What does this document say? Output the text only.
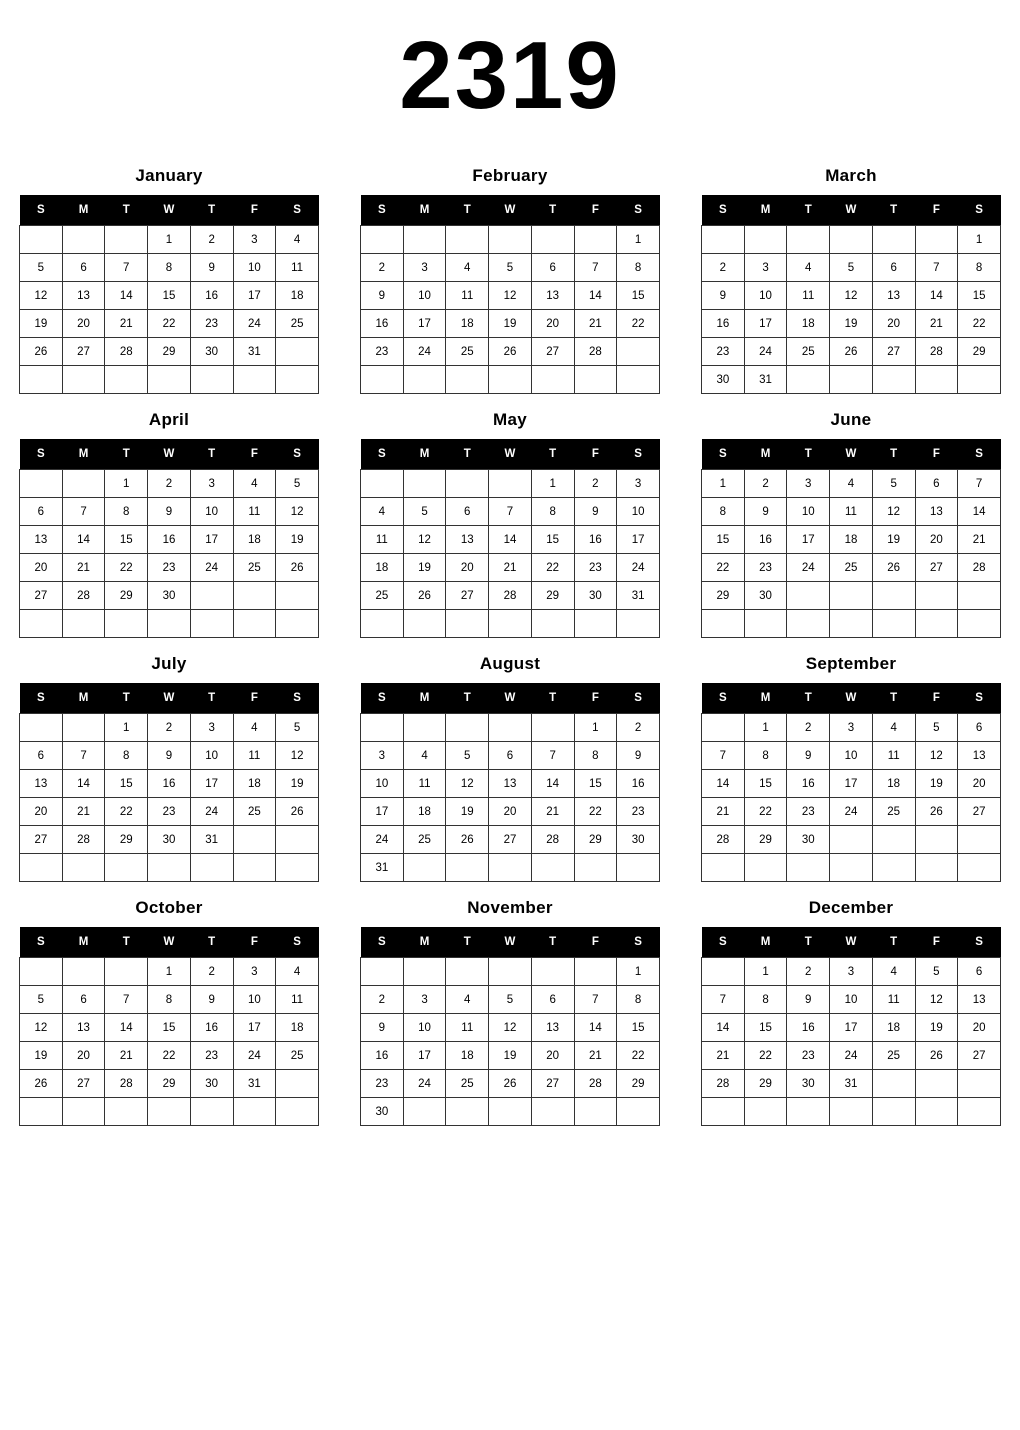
2319
January
S	M	T	W	T	F	S
			1	2	3	4
5	6	7	8	9	10	11
12	13	14	15	16	17	18
19	20	21	22	23	24	25
26	27	28	29	30	31	

February
S	M	T	W	T	F	S
						1
2	3	4	5	6	7	8
9	10	11	12	13	14	15
16	17	18	19	20	21	22
23	24	25	26	27	28	

March
S	M	T	W	T	F	S
						1
2	3	4	5	6	7	8
9	10	11	12	13	14	15
16	17	18	19	20	21	22
23	24	25	26	27	28	29
30	31					
April
S	M	T	W	T	F	S
		1	2	3	4	5
6	7	8	9	10	11	12
13	14	15	16	17	18	19
20	21	22	23	24	25	26
27	28	29	30			

May
S	M	T	W	T	F	S
				1	2	3
4	5	6	7	8	9	10
11	12	13	14	15	16	17
18	19	20	21	22	23	24
25	26	27	28	29	30	31

June
S	M	T	W	T	F	S
1	2	3	4	5	6	7
8	9	10	11	12	13	14
15	16	17	18	19	20	21
22	23	24	25	26	27	28
29	30					

July
S	M	T	W	T	F	S
		1	2	3	4	5
6	7	8	9	10	11	12
13	14	15	16	17	18	19
20	21	22	23	24	25	26
27	28	29	30	31		

August
S	M	T	W	T	F	S
					1	2
3	4	5	6	7	8	9
10	11	12	13	14	15	16
17	18	19	20	21	22	23
24	25	26	27	28	29	30
31						
September
S	M	T	W	T	F	S
	1	2	3	4	5	6
7	8	9	10	11	12	13
14	15	16	17	18	19	20
21	22	23	24	25	26	27
28	29	30				

October
S	M	T	W	T	F	S
			1	2	3	4
5	6	7	8	9	10	11
12	13	14	15	16	17	18
19	20	21	22	23	24	25
26	27	28	29	30	31	

November
S	M	T	W	T	F	S
						1
2	3	4	5	6	7	8
9	10	11	12	13	14	15
16	17	18	19	20	21	22
23	24	25	26	27	28	29
30						
December
S	M	T	W	T	F	S
	1	2	3	4	5	6
7	8	9	10	11	12	13
14	15	16	17	18	19	20
21	22	23	24	25	26	27
28	29	30	31			
